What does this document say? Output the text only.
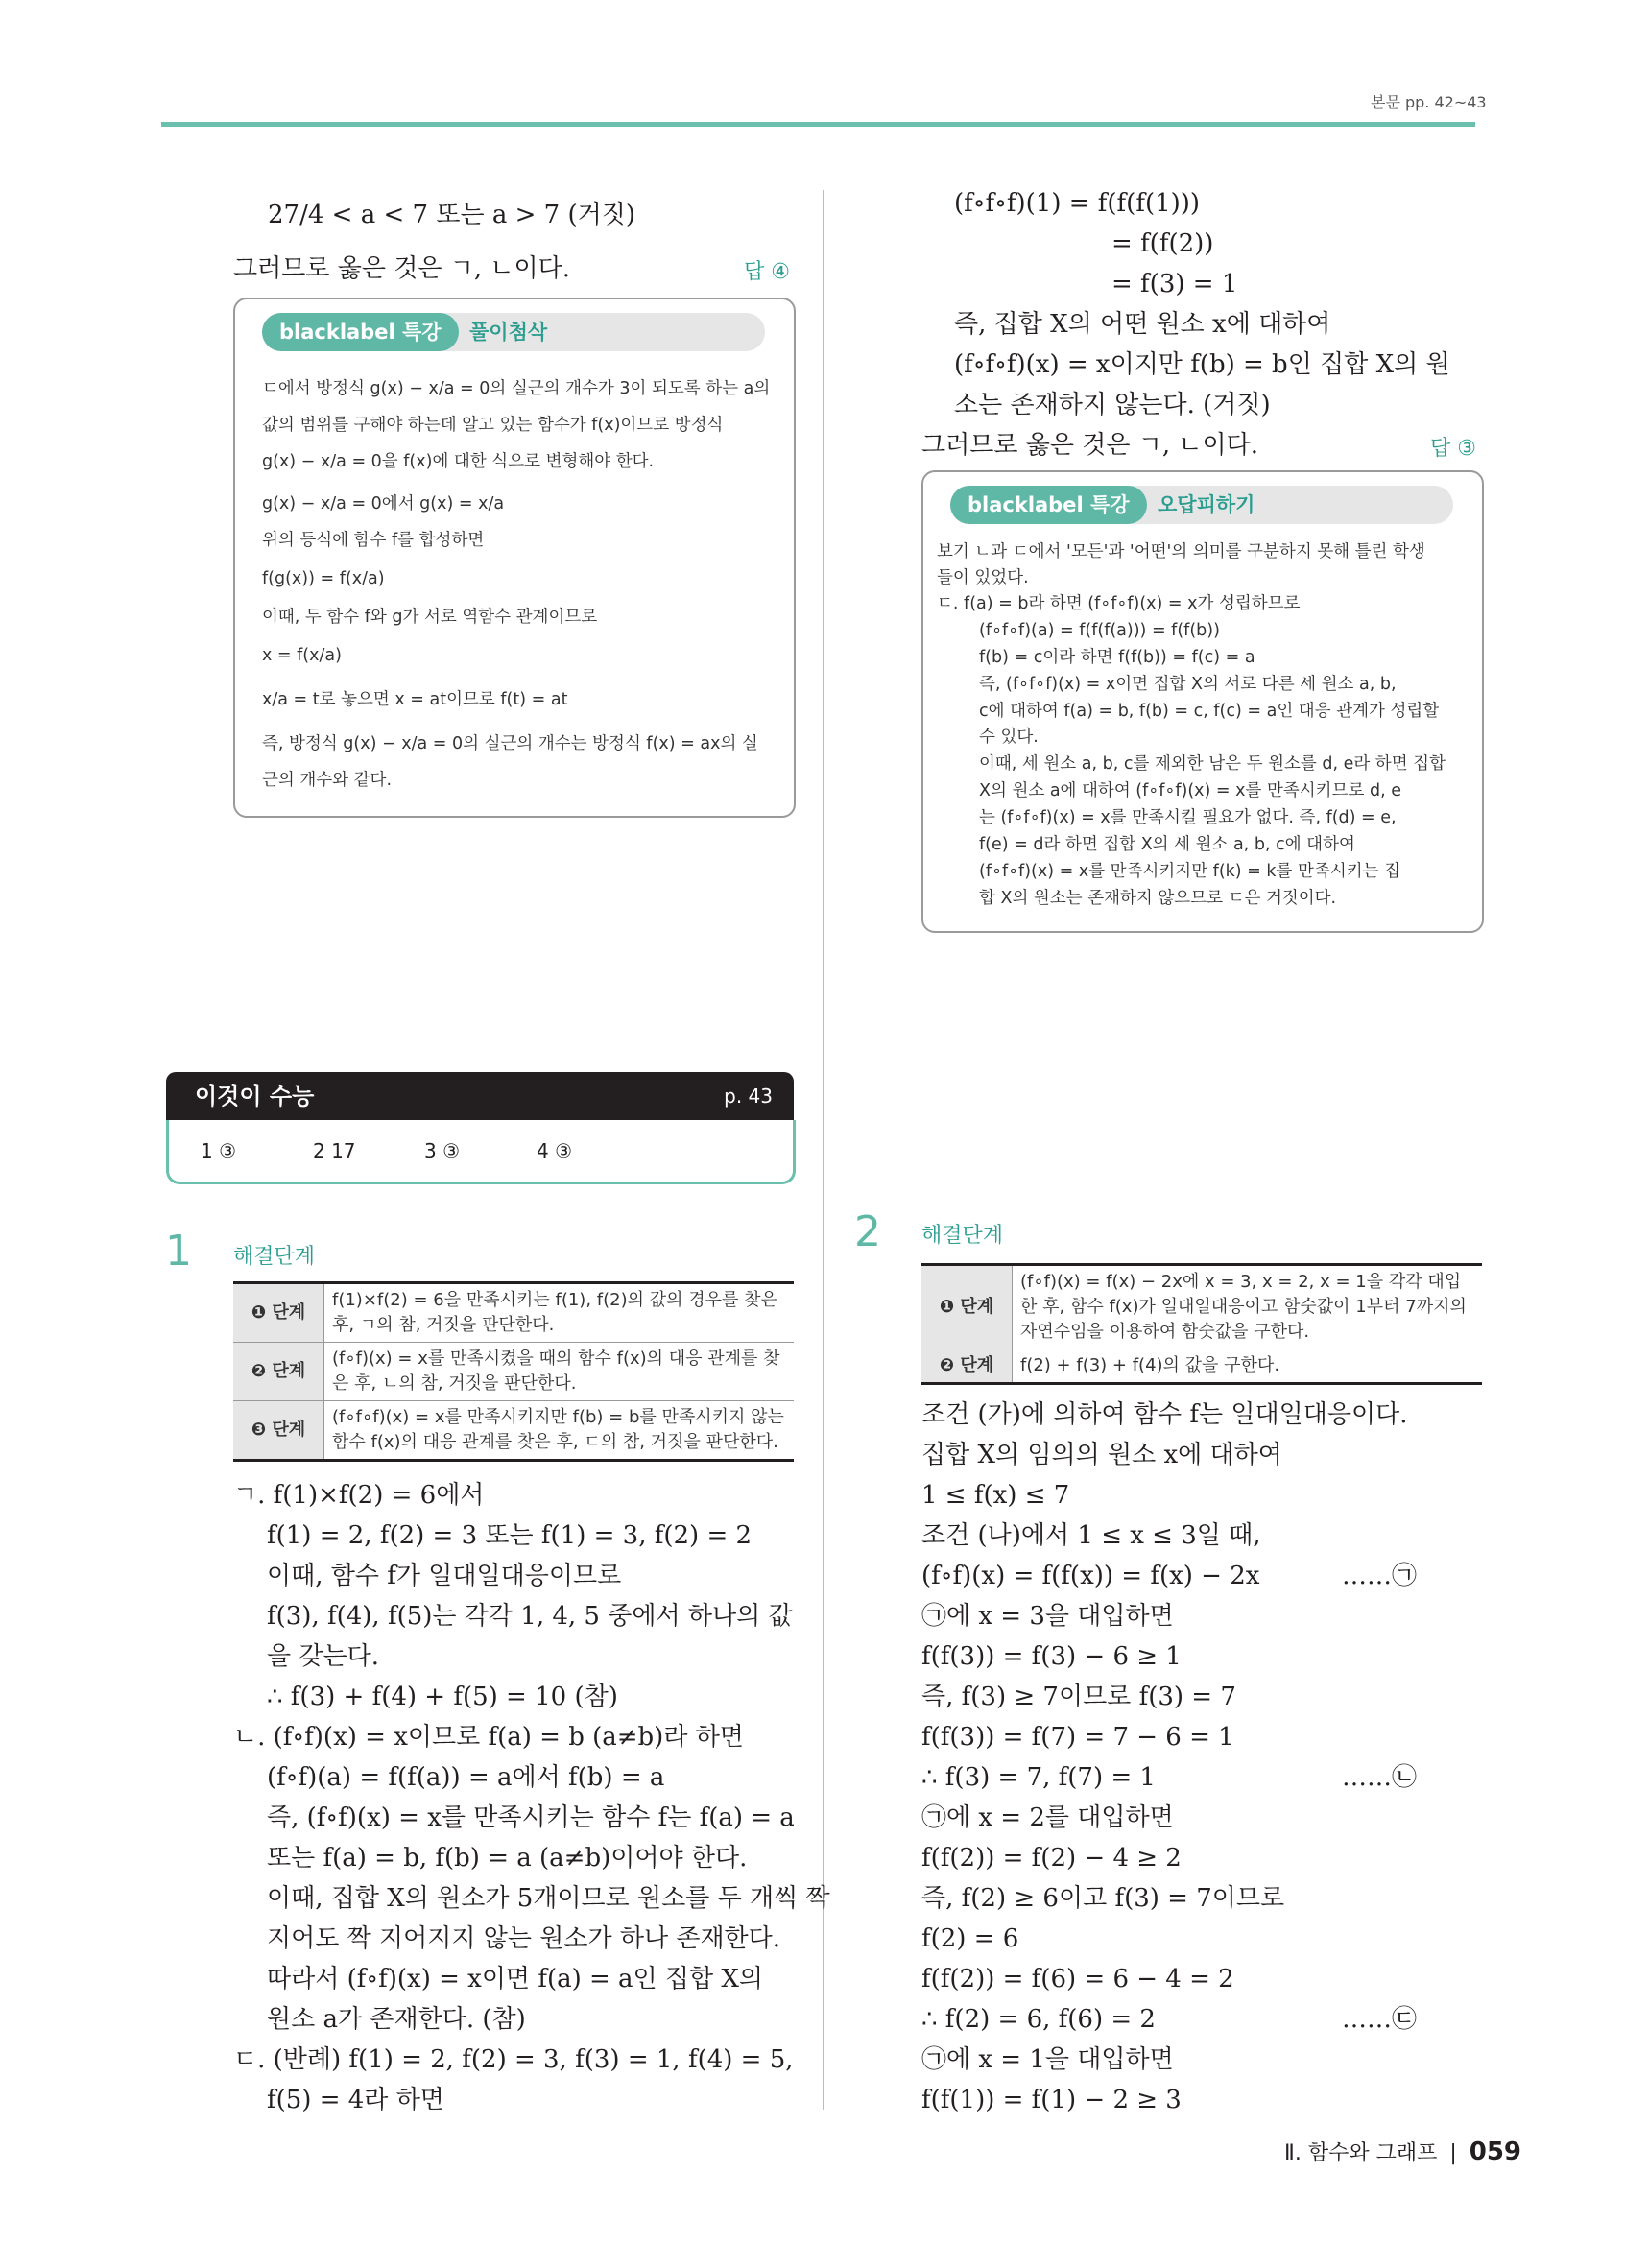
본문 pp. 42~43
27/4 < a < 7 또는 a > 7 (거짓)
그러므로 옳은 것은 ㄱ, ㄴ이다.	답 ④
blacklabel 특강	풀이첨삭
ㄷ에서 방정식 g(x) − x/a = 0의 실근의 개수가 3이 되도록 하는 a의
값의 범위를 구해야 하는데 알고 있는 함수가 f(x)이므로 방정식
g(x) − x/a = 0을 f(x)에 대한 식으로 변형해야 한다.
g(x) − x/a = 0에서 g(x) = x/a
위의 등식에 함수 f를 합성하면
f(g(x)) = f(x/a)
이때, 두 함수 f와 g가 서로 역함수 관계이므로
x = f(x/a)
x/a = t로 놓으면 x = at이므로 f(t) = at
즉, 방정식 g(x) − x/a = 0의 실근의 개수는 방정식 f(x) = ax의 실
근의 개수와 같다.
(f∘f∘f)(1) = f(f(f(1)))
= f(f(2))
= f(3) = 1
즉, 집합 X의 어떤 원소 x에 대하여
(f∘f∘f)(x) = x이지만 f(b) = b인 집합 X의 원
소는 존재하지 않는다. (거짓)
그러므로 옳은 것은 ㄱ, ㄴ이다.	답 ③
blacklabel 특강	오답피하기
보기 ㄴ과 ㄷ에서 '모든'과 '어떤'의 의미를 구분하지 못해 틀린 학생
들이 있었다.
ㄷ. f(a) = b라 하면 (f∘f∘f)(x) = x가 성립하므로
(f∘f∘f)(a) = f(f(f(a))) = f(f(b))
f(b) = c이라 하면 f(f(b)) = f(c) = a
즉, (f∘f∘f)(x) = x이면 집합 X의 서로 다른 세 원소 a, b,
c에 대하여 f(a) = b, f(b) = c, f(c) = a인 대응 관계가 성립할
수 있다.
이때, 세 원소 a, b, c를 제외한 남은 두 원소를 d, e라 하면 집합
X의 원소 a에 대하여 (f∘f∘f)(x) = x를 만족시키므로 d, e
는 (f∘f∘f)(x) = x를 만족시킬 필요가 없다. 즉, f(d) = e,
f(e) = d라 하면 집합 X의 세 원소 a, b, c에 대하여
(f∘f∘f)(x) = x를 만족시키지만 f(k) = k를 만족시키는 집
합 X의 원소는 존재하지 않으므로 ㄷ은 거짓이다.
이것이 수능	p. 43
1 ③	2 17	3 ③	4 ③
1 해결단계
❶ 단계	f(1)×f(2) = 6을 만족시키는 f(1), f(2)의 값의 경우를 찾은 후, ㄱ의 참, 거짓을 판단한다.
❷ 단계	(f∘f)(x) = x를 만족시켰을 때의 함수 f(x)의 대응 관계를 찾은 후, ㄴ의 참, 거짓을 판단한다.
❸ 단계	(f∘f∘f)(x) = x를 만족시키지만 f(b) = b를 만족시키지 않는 함수 f(x)의 대응 관계를 찾은 후, ㄷ의 참, 거짓을 판단한다.
ㄱ. f(1)×f(2) = 6에서
f(1) = 2, f(2) = 3 또는 f(1) = 3, f(2) = 2
이때, 함수 f가 일대일대응이므로
f(3), f(4), f(5)는 각각 1, 4, 5 중에서 하나의 값
을 갖는다.
∴ f(3) + f(4) + f(5) = 10 (참)
ㄴ. (f∘f)(x) = x이므로 f(a) = b (a≠b)라 하면
(f∘f)(a) = f(f(a)) = a에서 f(b) = a
즉, (f∘f)(x) = x를 만족시키는 함수 f는 f(a) = a
또는 f(a) = b, f(b) = a (a≠b)이어야 한다.
이때, 집합 X의 원소가 5개이므로 원소를 두 개씩 짝
지어도 짝 지어지지 않는 원소가 하나 존재한다.
따라서 (f∘f)(x) = x이면 f(a) = a인 집합 X의
원소 a가 존재한다. (참)
ㄷ. (반례) f(1) = 2, f(2) = 3, f(3) = 1, f(4) = 5,
f(5) = 4라 하면
2 해결단계
❶ 단계	(f∘f)(x) = f(x) − 2x에 x = 3, x = 2, x = 1을 각각 대입한 후, 함수 f(x)가 일대일대응이고 함숫값이 1부터 7까지의 자연수임을 이용하여 함숫값을 구한다.
❷ 단계	f(2) + f(3) + f(4)의 값을 구한다.
조건 (가)에 의하여 함수 f는 일대일대응이다.
집합 X의 임의의 원소 x에 대하여
1 ≤ f(x) ≤ 7
조건 (나)에서 1 ≤ x ≤ 3일 때,
(f∘f)(x) = f(f(x)) = f(x) − 2x	……㉠
㉠에 x = 3을 대입하면
f(f(3)) = f(3) − 6 ≥ 1
즉, f(3) ≥ 7이므로 f(3) = 7
f(f(3)) = f(7) = 7 − 6 = 1
∴ f(3) = 7, f(7) = 1	……㉡
㉠에 x = 2를 대입하면
f(f(2)) = f(2) − 4 ≥ 2
즉, f(2) ≥ 6이고 f(3) = 7이므로
f(2) = 6
f(f(2)) = f(6) = 6 − 4 = 2
∴ f(2) = 6, f(6) = 2	……㉢
㉠에 x = 1을 대입하면
f(f(1)) = f(1) − 2 ≥ 3
Ⅱ. 함수와 그래프 | 059
